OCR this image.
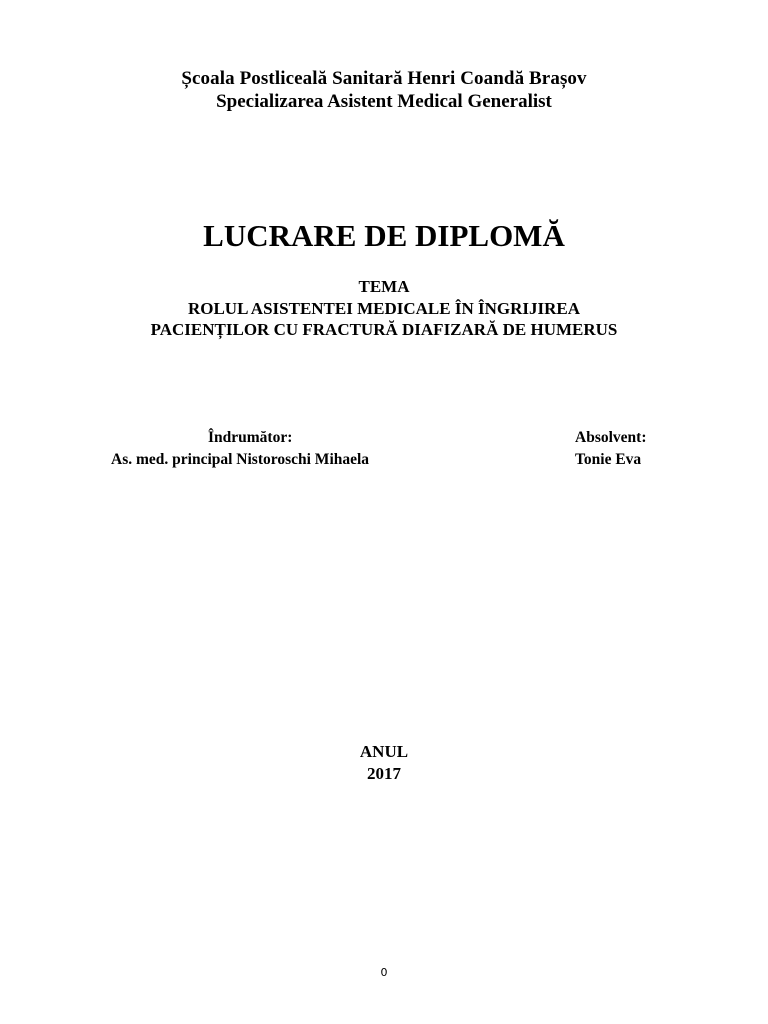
Școala Postliceală Sanitară Henri Coandă Brașov
Specializarea Asistent Medical Generalist
LUCRARE DE DIPLOMĂ
TEMA
ROLUL ASISTENTEI MEDICALE ÎN ÎNGRIJIREA
PACIENȚILOR CU FRACTURĂ DIAFIZARĂ DE HUMERUS
Îndrumător:
As. med. principal Nistoroschi Mihaela
Absolvent:
Tonie Eva
ANUL
2017
0
